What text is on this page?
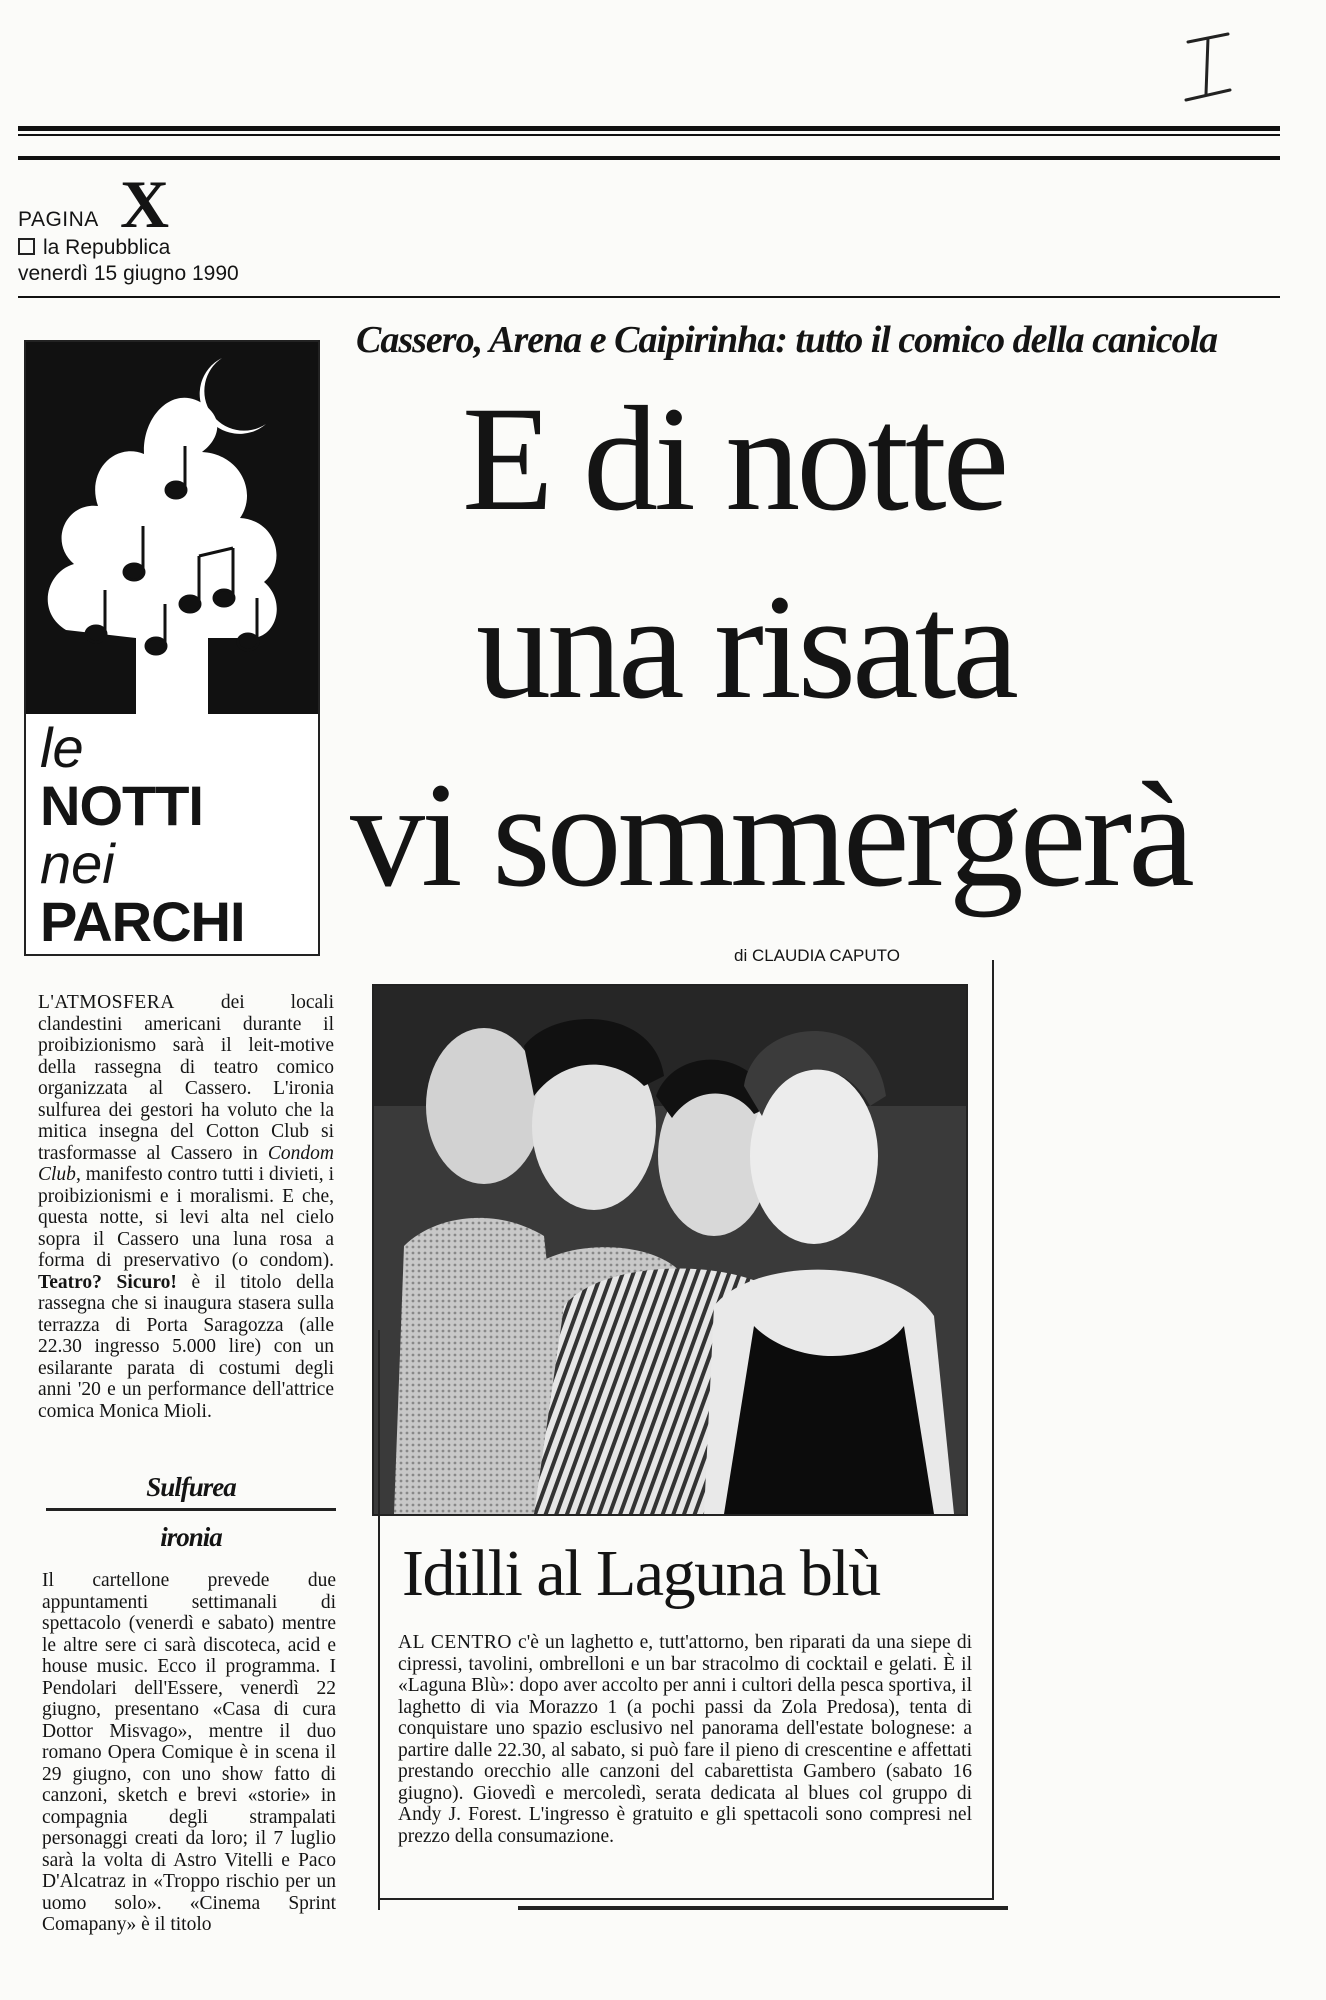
PAGINA X
la Repubblica
venerdì 15 giugno 1990
le
NOTTI
nei
PARCHI
Cassero, Arena e Caipirinha: tutto il comico della canicola
E di notte
una risata
vi sommergerà
di CLAUDIA CAPUTO
L'ATMOSFERA dei locali clandestini americani durante il proibizionismo sarà il leit-motive della rassegna di teatro comico organizzata al Cassero. L'ironia sulfurea dei gestori ha voluto che la mitica insegna del Cotton Club si trasformasse al Cassero in Condom Club, manifesto contro tutti i divieti, i proibizionismi e i moralismi. E che, questa notte, si levi alta nel cielo sopra il Cassero una luna rosa a forma di preservativo (o condom). Teatro? Sicuro! è il titolo della rassegna che si inaugura stasera sulla terrazza di Porta Saragozza (alle 22.30 ingresso 5.000 lire) con un esilarante parata di costumi degli anni '20 e un performance dell'attrice comica Monica Mioli.
Sulfurea
ironia
Il cartellone prevede due appuntamenti settimanali di spettacolo (venerdì e sabato) mentre le altre sere ci sarà discoteca, acid e house music. Ecco il programma. I Pendolari dell'Essere, venerdì 22 giugno, presentano «Casa di cura Dottor Misvago», mentre il duo romano Opera Comique è in scena il 29 giugno, con uno show fatto di canzoni, sketch e brevi «storie» in compagnia degli strampalati personaggi creati da loro; il 7 luglio sarà la volta di Astro Vitelli e Paco D'Alcatraz in «Troppo rischio per un uomo solo». «Cinema Sprint Comapany» è il titolo
Idilli al Laguna blù
AL CENTRO c'è un laghetto e, tutt'attorno, ben riparati da una siepe di cipressi, tavolini, ombrelloni e un bar stracolmo di cocktail e gelati. È il «Laguna Blù»: dopo aver accolto per anni i cultori della pesca sportiva, il laghetto di via Morazzo 1 (a pochi passi da Zola Predosa), tenta di conquistare uno spazio esclusivo nel panorama dell'estate bolognese: a partire dalle 22.30, al sabato, si può fare il pieno di crescentine e affettati prestando orecchio alle canzoni del cabarettista Gambero (sabato 16 giugno). Giovedì e mercoledì, serata dedicata al blues col gruppo di Andy J. Forest. L'ingresso è gratuito e gli spettacoli sono compresi nel prezzo della consumazione.
